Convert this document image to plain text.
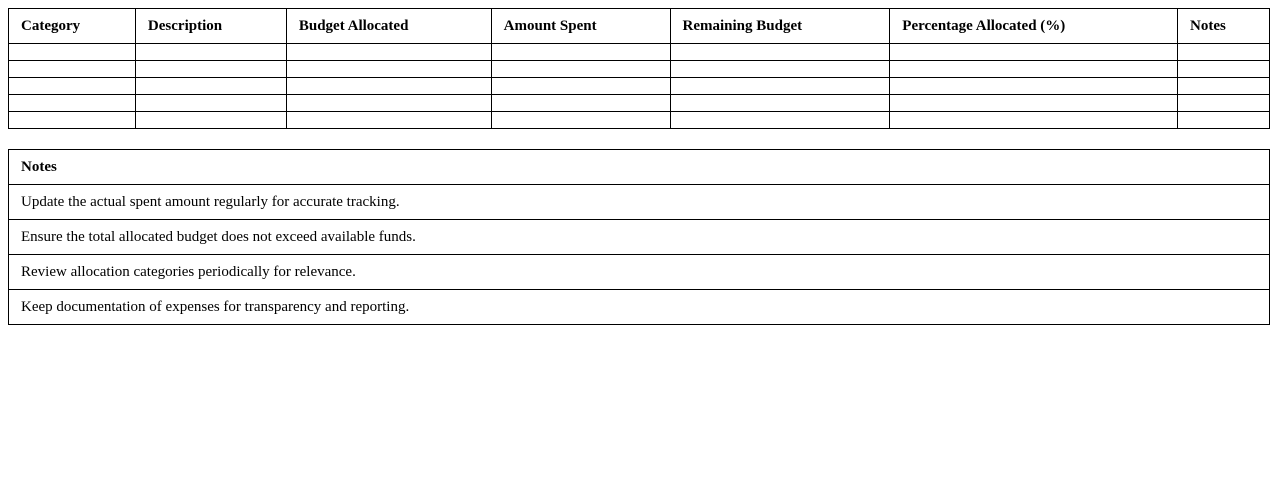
Category	Description	Budget Allocated	Amount Spent	Remaining Budget	Percentage Allocated (%)	Notes

Notes
Update the actual spent amount regularly for accurate tracking.
Ensure the total allocated budget does not exceed available funds.
Review allocation categories periodically for relevance.
Keep documentation of expenses for transparency and reporting.
